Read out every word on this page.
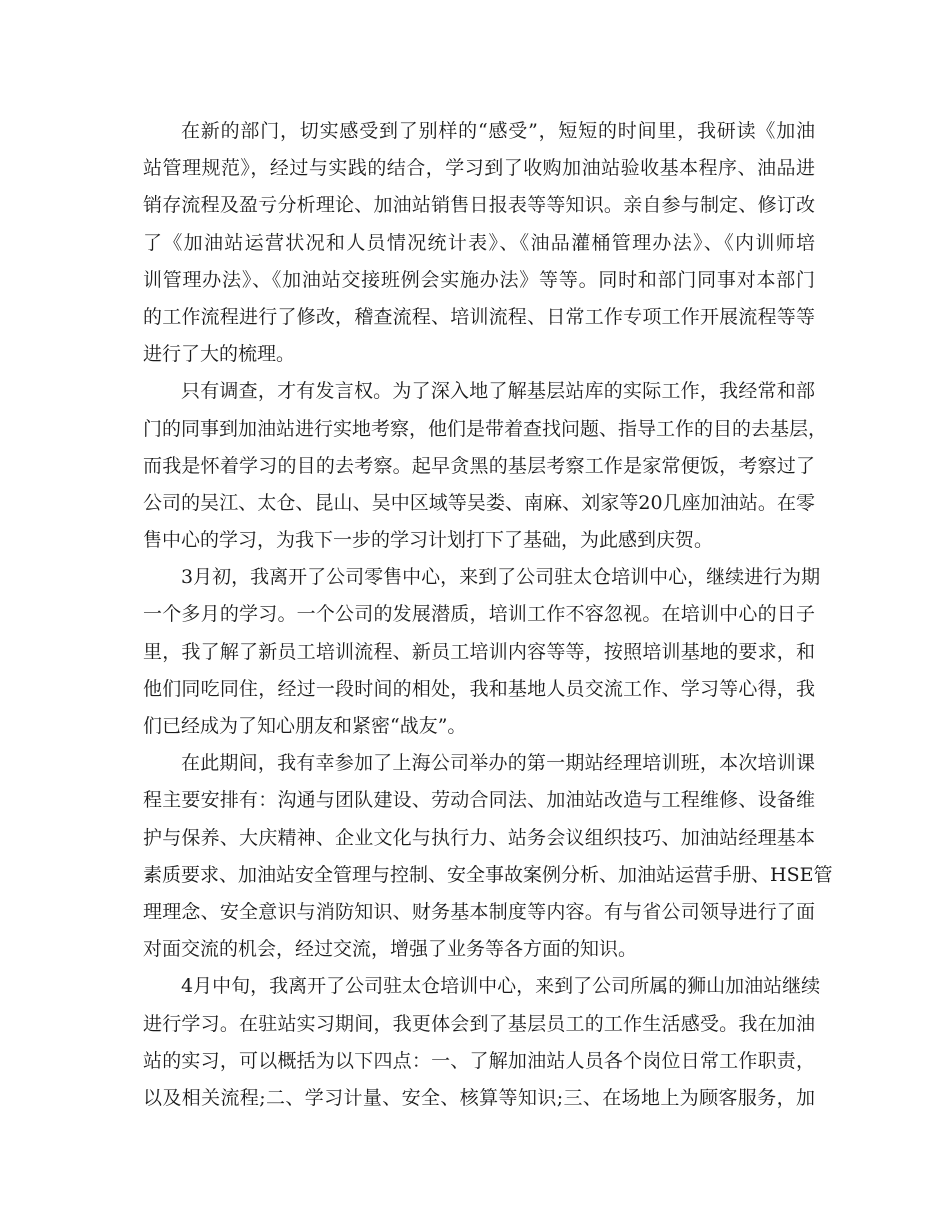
在新的部门，切实感受到了别样的“感受”，短短的时间里，我研读《加油
站管理规范》，经过与实践的结合，学习到了收购加油站验收基本程序、油品进
销存流程及盈亏分析理论、加油站销售日报表等等知识。亲自参与制定、修订改
了《加油站运营状况和人员情况统计表》、《油品灌桶管理办法》、《内训师培
训管理办法》、《加油站交接班例会实施办法》等等。同时和部门同事对本部门
的工作流程进行了修改，稽查流程、培训流程、日常工作专项工作开展流程等等
进行了大的梳理。
只有调查，才有发言权。为了深入地了解基层站库的实际工作，我经常和部
门的同事到加油站进行实地考察，他们是带着查找问题、指导工作的目的去基层，
而我是怀着学习的目的去考察。起早贪黑的基层考察工作是家常便饭，考察过了
公司的吴江、太仓、昆山、吴中区域等吴娄、南麻、刘家等20几座加油站。在零
售中心的学习，为我下一步的学习计划打下了基础，为此感到庆贺。
3月初，我离开了公司零售中心，来到了公司驻太仓培训中心，继续进行为期
一个多月的学习。一个公司的发展潜质，培训工作不容忽视。在培训中心的日子
里，我了解了新员工培训流程、新员工培训内容等等，按照培训基地的要求，和
他们同吃同住，经过一段时间的相处，我和基地人员交流工作、学习等心得，我
们已经成为了知心朋友和紧密“战友”。
在此期间，我有幸参加了上海公司举办的第一期站经理培训班，本次培训课
程主要安排有：沟通与团队建设、劳动合同法、加油站改造与工程维修、设备维
护与保养、大庆精神、企业文化与执行力、站务会议组织技巧、加油站经理基本
素质要求、加油站安全管理与控制、安全事故案例分析、加油站运营手册、HSE管
理理念、安全意识与消防知识、财务基本制度等内容。有与省公司领导进行了面
对面交流的机会，经过交流，增强了业务等各方面的知识。
4月中旬，我离开了公司驻太仓培训中心，来到了公司所属的狮山加油站继续
进行学习。在驻站实习期间，我更体会到了基层员工的工作生活感受。我在加油
站的实习，可以概括为以下四点：一、了解加油站人员各个岗位日常工作职责，
以及相关流程;二、学习计量、安全、核算等知识;三、在场地上为顾客服务，加
